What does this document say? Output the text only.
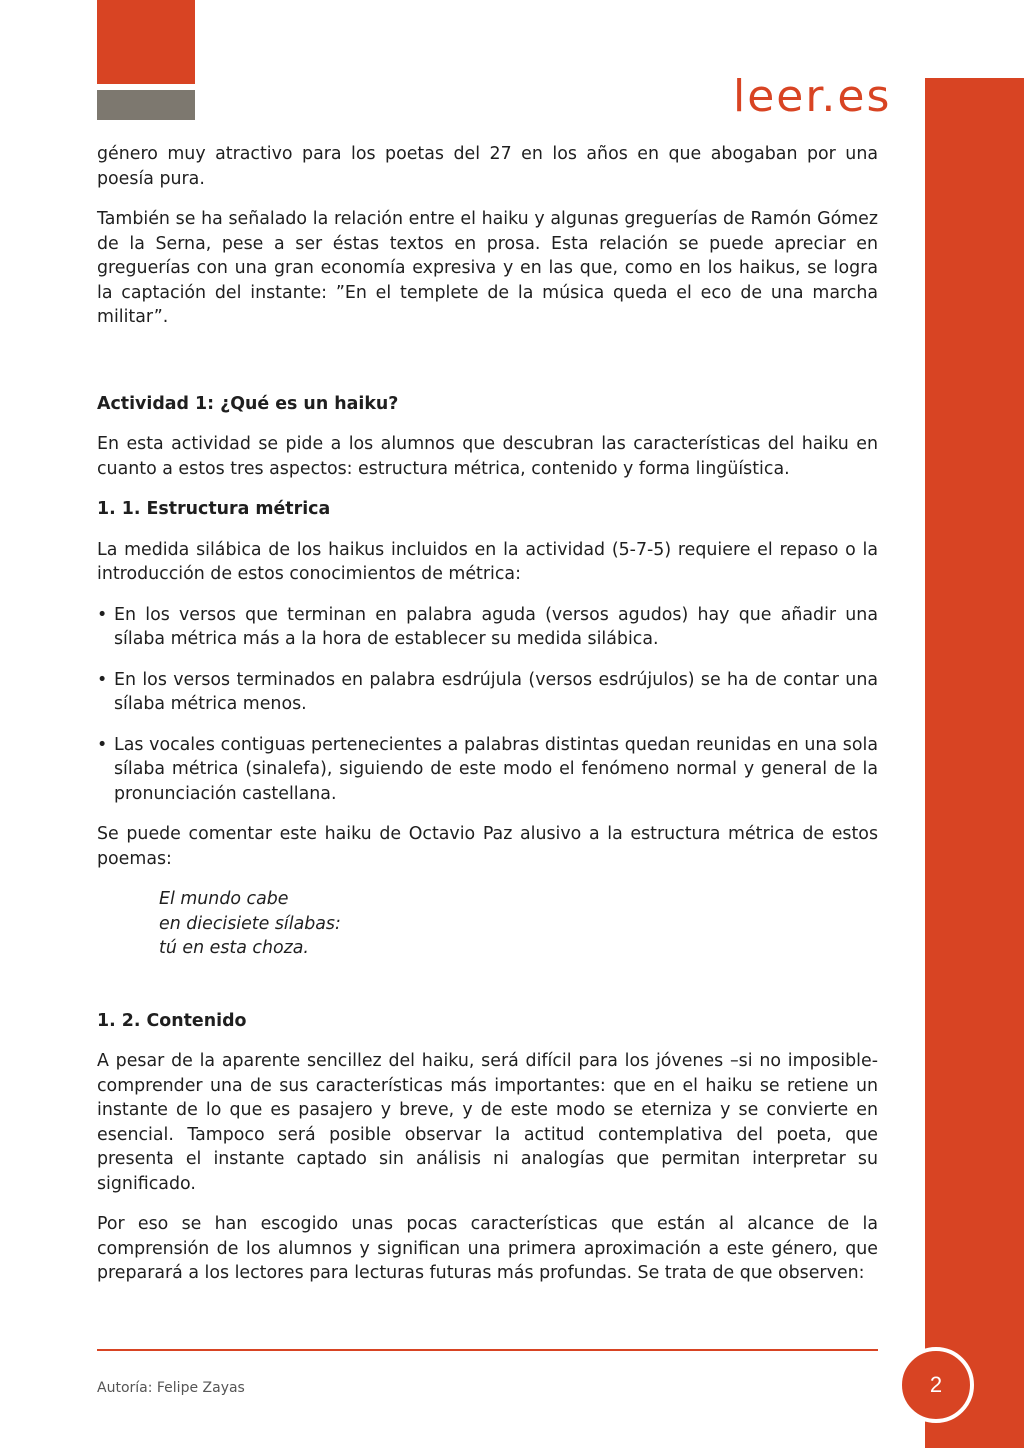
leer.es

género muy atractivo para los poetas del 27 en los años en que abogaban por una poesía pura.

También se ha señalado la relación entre el haiku y algunas greguerías de Ramón Gómez de la Serna, pese a ser éstas textos en prosa. Esta relación se puede apreciar en greguerías con una gran economía expresiva y en las que, como en los haikus, se logra la captación del instante: ”En el templete de la música queda el eco de una marcha militar”.

Actividad 1: ¿Qué es un haiku?

En esta actividad se pide a los alumnos que descubran las características del haiku en cuanto a estos tres aspectos: estructura métrica, contenido y forma lingüística.

1. 1. Estructura métrica

La medida silábica de los haikus incluidos en la actividad (5-7-5) requiere el repaso o la introducción de estos conocimientos de métrica:

• En los versos que terminan en palabra aguda (versos agudos) hay que añadir una sílaba métrica más a la hora de establecer su medida silábica.
• En los versos terminados en palabra esdrújula (versos esdrújulos) se ha de contar una sílaba métrica menos.
• Las vocales contiguas pertenecientes a palabras distintas quedan reunidas en una sola sílaba métrica (sinalefa), siguiendo de este modo el fenómeno normal y general de la pronunciación castellana.

Se puede comentar este haiku de Octavio Paz alusivo a la estructura métrica de estos poemas:

El mundo cabe
en diecisiete sílabas:
tú en esta choza.

1. 2. Contenido

A pesar de la aparente sencillez del haiku, será difícil para los jóvenes –si no imposible- comprender una de sus características más importantes: que en el haiku se retiene un instante de lo que es pasajero y breve, y de este modo se eterniza y se convierte en esencial. Tampoco será posible observar la actitud contemplativa del poeta, que presenta el instante captado sin análisis ni analogías que permitan interpretar su significado.

Por eso se han escogido unas pocas características que están al alcance de la comprensión de los alumnos y significan una primera aproximación a este género, que preparará a los lectores para lecturas futuras más profundas. Se trata de que observen:

Autoría: Felipe Zayas	2
